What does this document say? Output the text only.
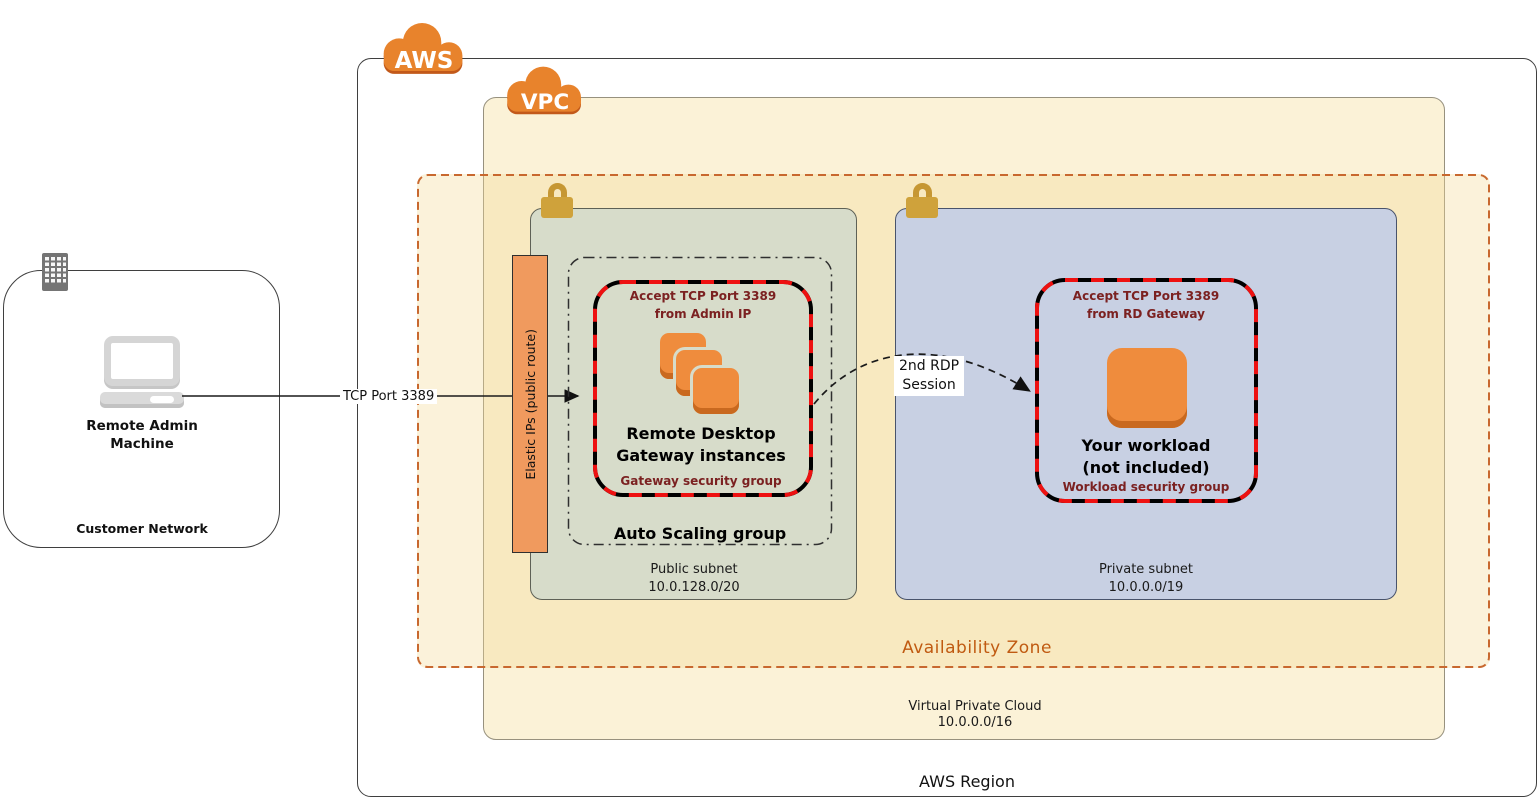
Elastic IPs (public route)
TCP Port 3389
2nd RDP
Session
Remote Admin
Machine
Customer Network
Accept TCP Port 3389
from Admin IP
Remote Desktop
Gateway instances
Gateway security group
Auto Scaling group
Public subnet
10.0.128.0/20
Accept TCP Port 3389
from RD Gateway
Your workload
(not included)
Workload security group
Private subnet
10.0.0.0/19
Availability Zone
Virtual Private Cloud
10.0.0.0/16
AWS Region
AWS
VPC
